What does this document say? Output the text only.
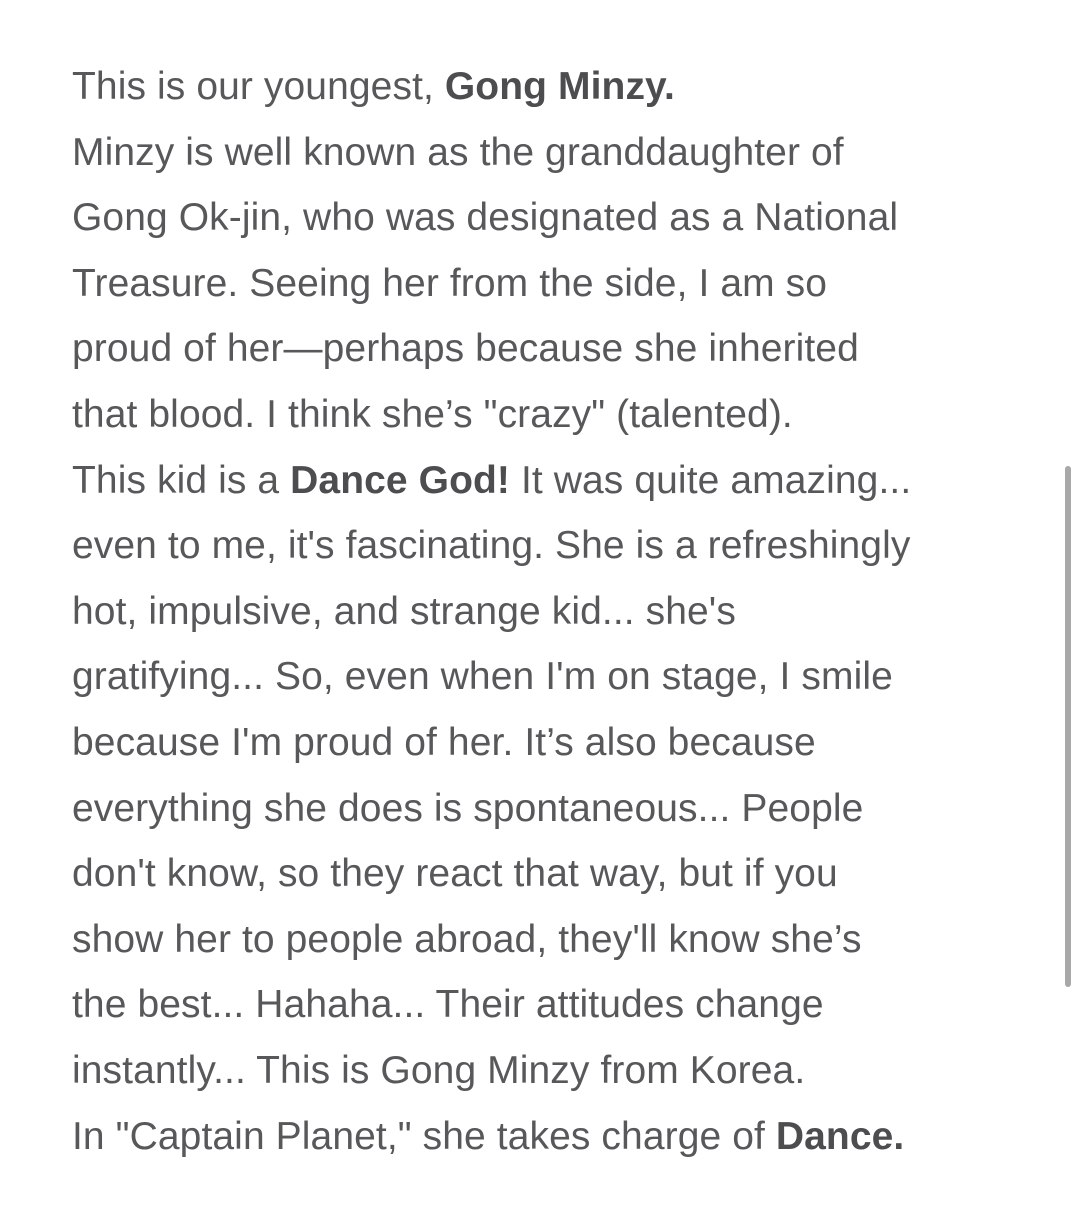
This is our youngest, Gong Minzy.
Minzy is well known as the granddaughter of
Gong Ok-jin, who was designated as a National
Treasure. Seeing her from the side, I am so
proud of her—perhaps because she inherited
that blood. I think she’s "crazy" (talented).
This kid is a Dance God! It was quite amazing...
even to me, it's fascinating. She is a refreshingly
hot, impulsive, and strange kid... she's
gratifying... So, even when I'm on stage, I smile
because I'm proud of her. It’s also because
everything she does is spontaneous... People
don't know, so they react that way, but if you
show her to people abroad, they'll know she’s
the best... Hahaha... Their attitudes change
instantly... This is Gong Minzy from Korea.
In "Captain Planet," she takes charge of Dance.
